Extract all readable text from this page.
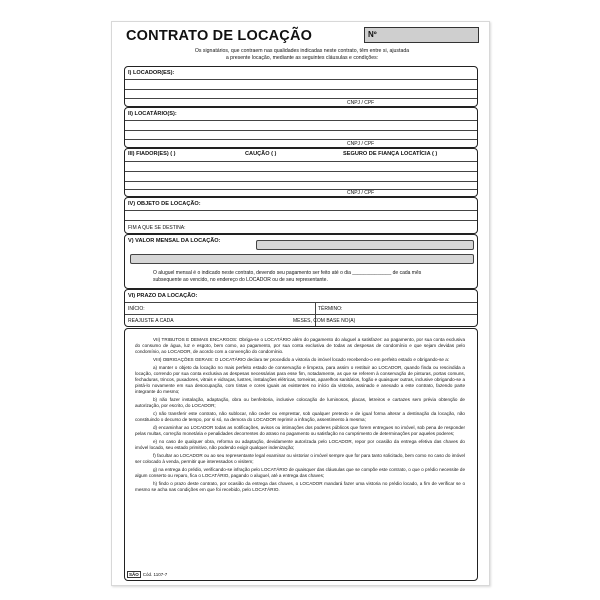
CONTRATO DE LOCAÇÃO	Nº
Os signatários, que contraem nas qualidades indicadas neste contrato, têm entre si, ajustada
a presente locação, mediante as seguintes cláusulas e condições:
I) LOCADOR(ES):
CNPJ / CPF
II) LOCATÁRIO(S):
CNPJ / CPF
III) FIADOR(ES) ( )	CAUÇÃO ( )	SEGURO DE FIANÇA LOCATÍCIA ( )
CNPJ / CPF
IV) OBJETO DE LOCAÇÃO:
FIM A QUE SE DESTINA:
V) VALOR MENSAL DA LOCAÇÃO:
O aluguel mensal é o indicado neste contrato, devendo seu pagamento ser feito até o dia ______________ de cada mês
subsequente ao vencido, no endereço do LOCADOR ou de seu representante.
VI) PRAZO DA LOCAÇÃO:
INÍCIO:	TÉRMINO:
REAJUSTE A CADA	MESES, COM BASE NO(A)

VII) TRIBUTOS E DEMAIS ENCARGOS: Obriga-se o LOCATÁRIO além do pagamento do aluguel a satisfazer: ao pagamento, por sua conta exclusiva do consumo de água, luz e esgoto, bem como, ao pagamento, por sua conta exclusiva de todas as despesas de condomínio e que sejam devidas pelo condomínio, ao LOCADOR, de acordo com a convenção do condomínio.

VIII) OBRIGAÇÕES GERAIS: O LOCATÁRIO declara ter procedido a vistoria do imóvel locado recebendo-o em perfeito estado e obrigando-se a:

a) manter o objeto da locação no mais perfeito estado de conservação e limpeza, para assim o restituir ao LOCADOR, quando finda ou rescindida a locação, correndo por sua conta exclusiva as despesas necessárias para esse fim, notadamente, as que se referem à conservação de pinturas, portas comuns, fechaduras, trincos, puxadores, vitrais e vidraças, lustres, instalações elétricas, torneiras, aparelhos sanitários, fogão e quaisquer outras, inclusive obrigando-se a pintá-lo novamente em sua desocupação, com tintas e cores iguais as existentes no início da vistoria, assinado e anexado a este contrato, fazendo parte integrante do mesmo;

b) não fazer instalação, adaptação, obra ou benfeitoria, inclusive colocação de luminosos, placas, letreiros e cartazes sem prévia obtenção de autorização, por escrito, do LOCADOR;

c) não transferir este contrato, não sublocar, não ceder ou emprestar, sob qualquer pretexto e de igual forma alterar a destinação da locação, não constituindo o decurso de tempo, por si só, na demora do LOCADOR reprimir a infração, assentimento à mesma;

d) encaminhar ao LOCADOR todas as notificações, avisos ou intimações dos poderes públicos que forem entregues no imóvel, sob pena de responder pelas multas, correção monetária e penalidades decorrentes do atraso no pagamento ou satisfação no cumprimento de determinações por aqueles poderes;

e) no caso de qualquer obra, reforma ou adaptação, devidamente autorizada pelo LOCADOR, repor por ocasião da entrega efetiva das chaves do imóvel locado, seu estado primitivo, não podendo exigir qualquer indenização;

f) facultar ao LOCADOR ou ao seu representante legal examinar ou vistoriar o imóvel sempre que for para tanto solicitado, bem como no caso do imóvel ser colocado à venda, permitir que interessados o visitem;

g) na entrega do prédio, verificando-se infração pelo LOCATÁRIO de quaisquer das cláusulas que se compõe este contrato, o que o prédio necessite de algum conserto ou reparo, fica o LOCATÁRIO, pagando o aluguel, até a entrega das chaves;

h) findo o prazo deste contrato, por ocasião da entrega das chaves, o LOCADOR mandará fazer uma vistoria no prédio locado, a fim de verificar se o mesmo se acha nas condições em que foi recebido, pelo LOCATÁRIO.

SÃO Cód. 1107-7
